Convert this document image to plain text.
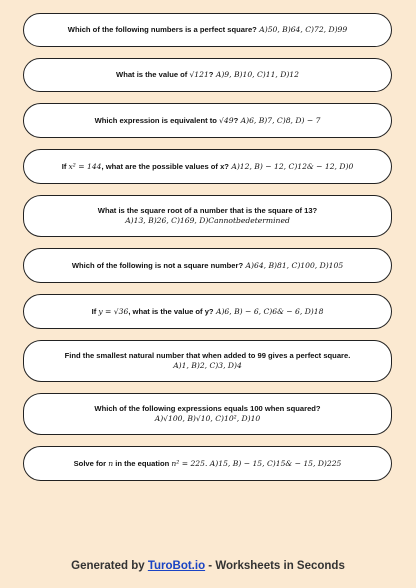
Which of the following numbers is a perfect square? A)50, B)64, C)72, D)99
What is the value of √121? A)9, B)10, C)11, D)12
Which expression is equivalent to √49? A)6, B)7, C)8, D) − 7
If x² = 144, what are the possible values of x? A)12, B) − 12, C)12& − 12, D)0
What is the square root of a number that is the square of 13?
A)13, B)26, C)169, D)Cannotbedetermined
Which of the following is not a square number? A)64, B)81, C)100, D)105
If y = √36, what is the value of y? A)6, B) − 6, C)6& − 6, D)18
Find the smallest natural number that when added to 99 gives a perfect square.
A)1, B)2, C)3, D)4
Which of the following expressions equals 100 when squared?
A)√100, B)√10, C)10², D)10
Solve for n in the equation n² = 225. A)15, B) − 15, C)15& − 15, D)225
Generated by TuroBot.io - Worksheets in Seconds
